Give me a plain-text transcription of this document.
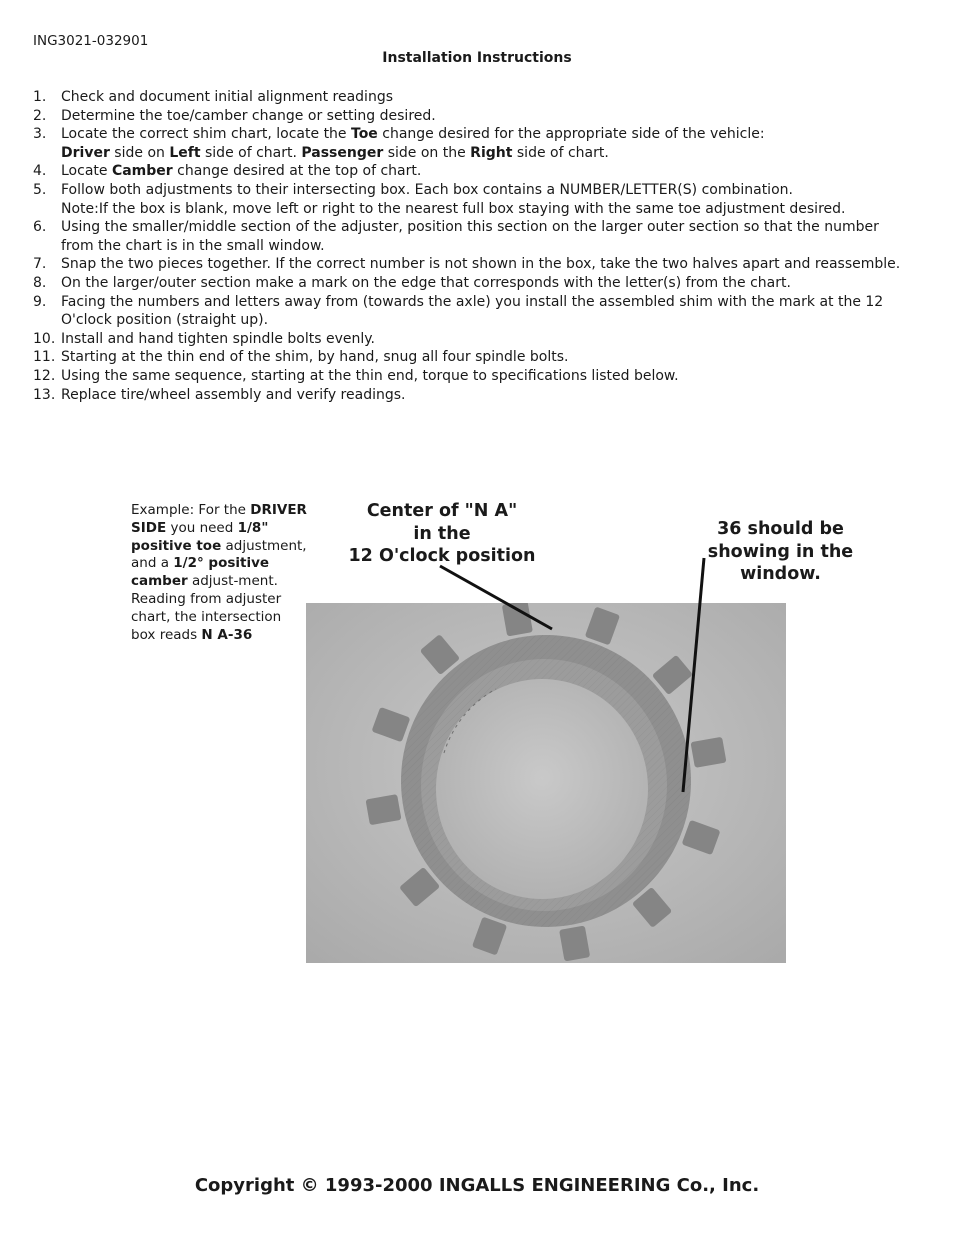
ING3021-032901
Installation Instructions
1.	Check and document initial alignment readings
2.	Determine the toe/camber change or setting desired.
3.	Locate the correct shim chart, locate the Toe change desired for the appropriate side of the vehicle:
Driver side on Left side of chart. Passenger side on the Right side of chart.
4.	Locate Camber change desired at the top of chart.
5.	Follow both adjustments to their intersecting box. Each box contains a NUMBER/LETTER(S) combination.
Note:If the box is blank, move left or right to the nearest full box staying with the same toe adjustment desired.
6.	Using the smaller/middle section of the adjuster, position this section on the larger outer section so that the number from the chart is in the small window.
7.	Snap the two pieces together. If the correct number is not shown in the box, take the two halves apart and reassemble.
8.	On the larger/outer section make a mark on the edge that corresponds with the letter(s) from the chart.
9.	Facing the numbers and letters away from (towards the axle) you install the assembled shim with the mark at the 12 O'clock position (straight up).
10. Install and hand tighten spindle bolts evenly.
11. Starting at the thin end of the shim, by hand, snug all four spindle bolts.
12. Using the same sequence, starting at the thin end, torque to specifications listed below.
13. Replace tire/wheel assembly and verify readings.
Example: For the DRIVER SIDE you need 1/8" positive toe adjustment, and a 1/2° positive camber adjust-ment. Reading from adjuster chart, the intersection box reads N A-36
Center of "N A"
in the
12 O'clock position
36 should be
showing in the
window.
Copyright © 1993-2000 INGALLS ENGINEERING Co., Inc.
